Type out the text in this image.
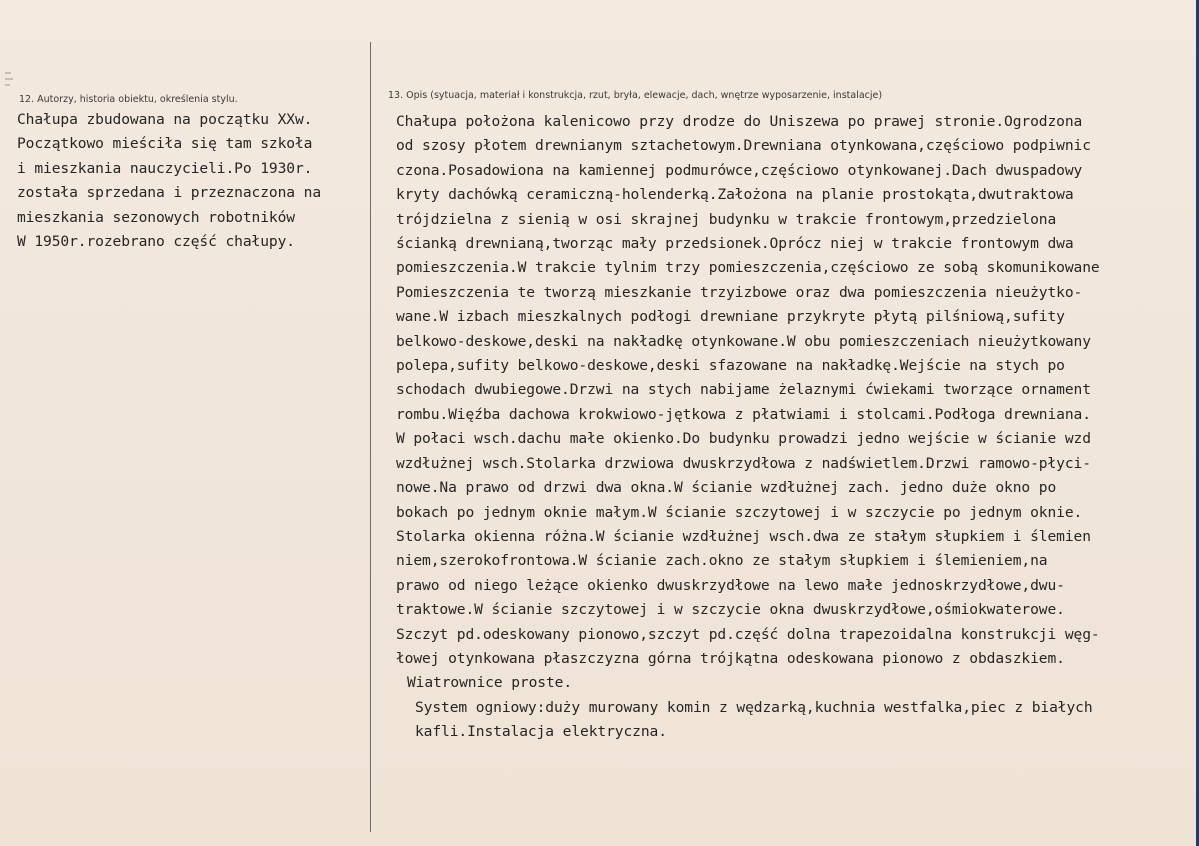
12. Autorzy, historia obiektu, określenia stylu.	13. Opis (sytuacja, materiał i konstrukcja, rzut, bryła, elewacje, dach, wnętrze wyposarzenie, instalacje)
Chałupa zbudowana na początku XXw.
Początkowo mieściła się tam szkoła
i mieszkania nauczycieli.Po 1930r.
została sprzedana i przeznaczona na
mieszkania sezonowych robotników
W 1950r.rozebrano część chałupy.
Chałupa położona kalenicowo przy drodze do Uniszewa po prawej stronie.Ogrodzona
od szosy płotem drewnianym sztachetowym.Drewniana otynkowana,częściowo podpiwnic
czona.Posadowiona na kamiennej podmurówce,częściowo otynkowanej.Dach dwuspadowy
kryty dachówką ceramiczną-holenderką.Założona na planie prostokąta,dwutraktowa
trójdzielna z sienią w osi skrajnej budynku w trakcie frontowym,przedzielona
ścianką drewnianą,tworząc mały przedsionek.Oprócz niej w trakcie frontowym dwa
pomieszczenia.W trakcie tylnim trzy pomieszczenia,częściowo ze sobą skomunikowane
Pomieszczenia te tworzą mieszkanie trzyizbowe oraz dwa pomieszczenia nieużytko-
wane.W izbach mieszkalnych podłogi drewniane przykryte płytą pilśniową,sufity
belkowo-deskowe,deski na nakładkę otynkowane.W obu pomieszczeniach nieużytkowany
polepa,sufity belkowo-deskowe,deski sfazowane na nakładkę.Wejście na stych po
schodach dwubiegowe.Drzwi na stych nabijame żelaznymi ćwiekami tworzące ornament
rombu.Więźba dachowa krokwiowo-jętkowa z płatwiami i stolcami.Podłoga drewniana.
W połaci wsch.dachu małe okienko.Do budynku prowadzi jedno wejście w ścianie wzd
wzdłużnej wsch.Stolarka drzwiowa dwuskrzydłowa z nadświetlem.Drzwi ramowo-płyci-
nowe.Na prawo od drzwi dwa okna.W ścianie wzdłużnej zach. jedno duże okno po
bokach po jednym oknie małym.W ścianie szczytowej i w szczycie po jednym oknie.
Stolarka okienna różna.W ścianie wzdłużnej wsch.dwa ze stałym słupkiem i ślemien
niem,szerokofrontowa.W ścianie zach.okno ze stałym słupkiem i ślemieniem,na
prawo od niego leżące okienko dwuskrzydłowe na lewo małe jednoskrzydłowe,dwu-
traktowe.W ścianie szczytowej i w szczycie okna dwuskrzydłowe,ośmiokwaterowe.
Szczyt pd.odeskowany pionowo,szczyt pd.część dolna trapezoidalna konstrukcji węg-
łowej otynkowana płaszczyzna górna trójkątna odeskowana pionowo z obdaszkiem.
Wiatrownice proste.
System ogniowy:duży murowany komin z wędzarką,kuchnia westfalka,piec z białych
kafli.Instalacja elektryczna.
